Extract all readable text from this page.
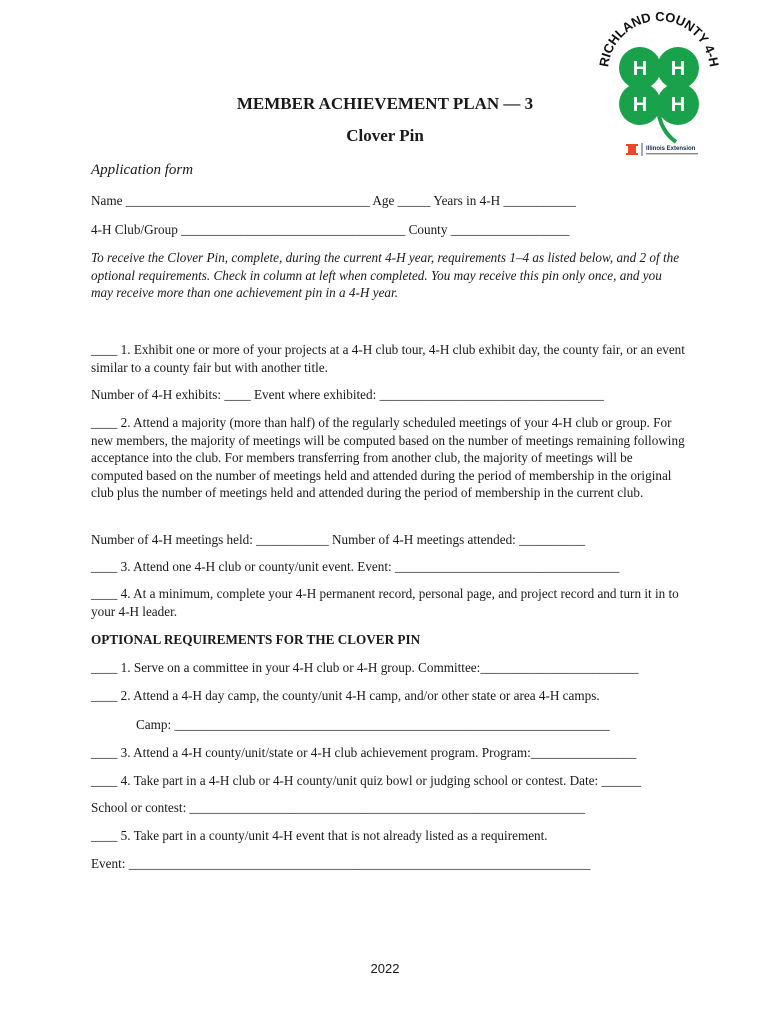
RICHLAND COUNTY 4-H
H H
H H
Illinois Extension
MEMBER ACHIEVEMENT PLAN — 3
Clover Pin
Application form
Name _____________________________________ Age _____ Years in 4-H ___________
4-H Club/Group __________________________________ County __________________
To receive the Clover Pin, complete, during the current 4-H year, requirements 1–4 as listed below, and 2 of the optional requirements. Check in column at left when completed. You may receive this pin only once, and you may receive more than one achievement pin in a 4-H year.
____ 1. Exhibit one or more of your projects at a 4-H club tour, 4-H club exhibit day, the county fair, or an event similar to a county fair but with another title.
Number of 4-H exhibits: ____ Event where exhibited: __________________________________
____ 2. Attend a majority (more than half) of the regularly scheduled meetings of your 4-H club or group. For new members, the majority of meetings will be computed based on the number of meetings remaining following acceptance into the club. For members transferring from another club, the majority of meetings will be computed based on the number of meetings held and attended during the period of membership in the original club plus the number of meetings held and attended during the period of membership in the current club.
Number of 4-H meetings held: ___________ Number of 4-H meetings attended: __________
____ 3. Attend one 4-H club or county/unit event. Event: __________________________________
____ 4. At a minimum, complete your 4-H permanent record, personal page, and project record and turn it in to your 4-H leader.
OPTIONAL REQUIREMENTS FOR THE CLOVER PIN
____ 1. Serve on a committee in your 4-H club or 4-H group. Committee:________________________
____ 2. Attend a 4-H day camp, the county/unit 4-H camp, and/or other state or area 4-H camps.
Camp: __________________________________________________________________
____ 3. Attend a 4-H county/unit/state or 4-H club achievement program. Program:________________
____ 4. Take part in a 4-H club or 4-H county/unit quiz bowl or judging school or contest. Date: ______
School or contest: ____________________________________________________________
____ 5. Take part in a county/unit 4-H event that is not already listed as a requirement.
Event: ______________________________________________________________________
2022
